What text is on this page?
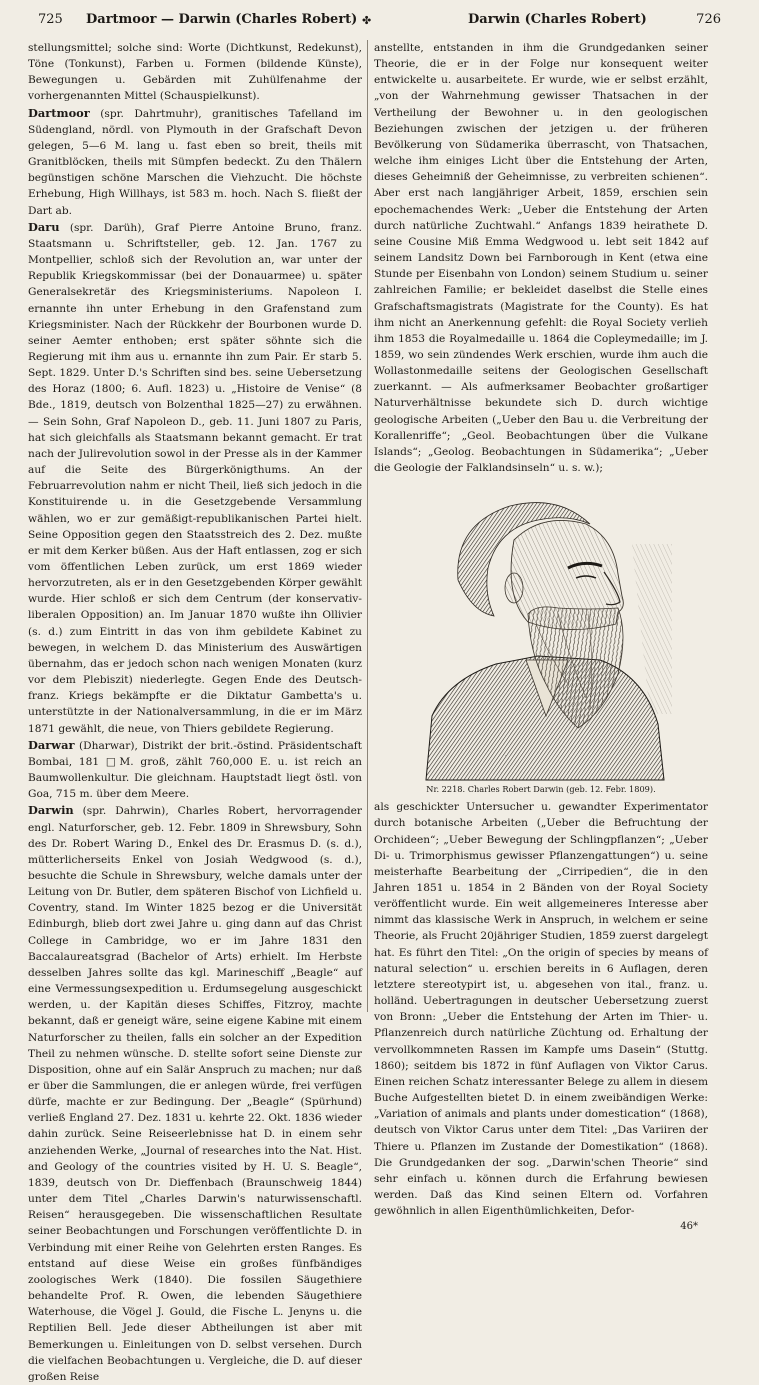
725 Dartmoor — Darwin (Charles Robert) ✤	Darwin (Charles Robert)	726

stellungsmittel; solche sind: Worte (Dichtkunst, Redekunst), Töne (Tonkunst), Farben u. Formen (bildende Künste), Bewegungen u. Gebärden mit Zuhülfenahme der vorhergenannten Mittel (Schauspielkunst).

Dartmoor (spr. Dahrtmuhr), granitisches Tafelland im Südengland, nördl. von Plymouth in der Grafschaft Devon gelegen, 5—6 M. lang u. fast eben so breit, theils mit Granitblöcken, theils mit Sümpfen bedeckt. Zu den Thälern begünstigen schöne Marschen die Viehzucht. Die höchste Erhebung, High Willhays, ist 583 m. hoch. Nach S. fließt der Dart ab.

Daru (spr. Darüh), Graf Pierre Antoine Bruno, franz. Staatsmann u. Schriftsteller, geb. 12. Jan. 1767 zu Montpellier, schloß sich der Revolution an, war unter der Republik Kriegskommissar (bei der Donauarmee) u. später Generalsekretär des Kriegsministeriums. Napoleon I. ernannte ihn unter Erhebung in den Grafenstand zum Kriegsminister. Nach der Rückkehr der Bourbonen wurde D. seiner Aemter enthoben; erst später söhnte sich die Regierung mit ihm aus u. ernannte ihn zum Pair. Er starb 5. Sept. 1829. Unter D.'s Schriften sind bes. seine Uebersetzung des Horaz (1800; 6. Aufl. 1823) u. „Histoire de Venise“ (8 Bde., 1819, deutsch von Bolzenthal 1825—27) zu erwähnen. — Sein Sohn, Graf Napoleon D., geb. 11. Juni 1807 zu Paris, hat sich gleichfalls als Staatsmann bekannt gemacht. Er trat nach der Julirevolution sowol in der Presse als in der Kammer auf die Seite des Bürgerkönigthums. An der Februarrevolution nahm er nicht Theil, ließ sich jedoch in die Konstituirende u. in die Gesetzgebende Versammlung wählen, wo er zur gemäßigt-republikanischen Partei hielt. Seine Opposition gegen den Staatsstreich des 2. Dez. mußte er mit dem Kerker büßen. Aus der Haft entlassen, zog er sich vom öffentlichen Leben zurück, um erst 1869 wieder hervorzutreten, als er in den Gesetzgebenden Körper gewählt wurde. Hier schloß er sich dem Centrum (der konservativ-liberalen Opposition) an. Im Januar 1870 wußte ihn Ollivier (s. d.) zum Eintritt in das von ihm gebildete Kabinet zu bewegen, in welchem D. das Ministerium des Auswärtigen übernahm, das er jedoch schon nach wenigen Monaten (kurz vor dem Plebiszit) niederlegte. Gegen Ende des Deutsch-franz. Kriegs bekämpfte er die Diktatur Gambetta's u. unterstützte in der Nationalversammlung, in die er im März 1871 gewählt, die neue, von Thiers gebildete Regierung.

Darwar (Dharwar), Distrikt der brit.-östind. Präsidentschaft Bombai, 181 □M. groß, zählt 760,000 E. u. ist reich an Baumwollenkultur. Die gleichnam. Hauptstadt liegt östl. von Goa, 715 m. über dem Meere.

Darwin (spr. Dahrwin), Charles Robert, hervorragender engl. Naturforscher, geb. 12. Febr. 1809 in Shrewsbury, Sohn des Dr. Robert Waring D., Enkel des Dr. Erasmus D. (s. d.), mütterlicherseits Enkel von Josiah Wedgwood (s. d.), besuchte die Schule in Shrewsbury, welche damals unter der Leitung von Dr. Butler, dem späteren Bischof von Lichfield u. Coventry, stand. Im Winter 1825 bezog er die Universität Edinburgh, blieb dort zwei Jahre u. ging dann auf das Christ College in Cambridge, wo er im Jahre 1831 den Baccalaureatsgrad (Bachelor of Arts) erhielt. Im Herbste desselben Jahres sollte das kgl. Marineschiff „Beagle“ auf eine Vermessungsexpedition u. Erdumsegelung ausgeschickt werden, u. der Kapitän dieses Schiffes, Fitzroy, machte bekannt, daß er geneigt wäre, seine eigene Kabine mit einem Naturforscher zu theilen, falls ein solcher an der Expedition Theil zu nehmen wünsche. D. stellte sofort seine Dienste zur Disposition, ohne auf ein Salär Anspruch zu machen; nur daß er über die Sammlungen, die er anlegen würde, frei verfügen dürfe, machte er zur Bedingung. Der „Beagle“ (Spürhund) verließ England 27. Dez. 1831 u. kehrte 22. Okt. 1836 wieder dahin zurück. Seine Reiseerlebnisse hat D. in einem sehr anziehenden Werke, „Journal of researches into the Nat. Hist. and Geology of the countries visited by H. U. S. Beagle“, 1839, deutsch von Dr. Dieffenbach (Braunschweig 1844) unter dem Titel „Charles Darwin's naturwissenschaftl. Reisen“ herausgegeben. Die wissenschaftlichen Resultate seiner Beobachtungen und Forschungen veröffentlichte D. in Verbindung mit einer Reihe von Gelehrten ersten Ranges. Es entstand auf diese Weise ein großes fünfbändiges zoologisches Werk (1840). Die fossilen Säugethiere behandelte Prof. R. Owen, die lebenden Säugethiere Waterhouse, die Vögel J. Gould, die Fische L. Jenyns u. die Reptilien Bell. Jede dieser Abtheilungen ist aber mit Bemerkungen u. Einleitungen von D. selbst versehen. Durch die vielfachen Beobachtungen u. Vergleiche, die D. auf dieser großen Reise

anstellte, entstanden in ihm die Grundgedanken seiner Theorie, die er in der Folge nur konsequent weiter entwickelte u. ausarbeitete. Er wurde, wie er selbst erzählt, „von der Wahrnehmung gewisser Thatsachen in der Vertheilung der Bewohner u. in den geologischen Beziehungen zwischen der jetzigen u. der früheren Bevölkerung von Südamerika überrascht, von Thatsachen, welche ihm einiges Licht über die Entstehung der Arten, dieses Geheimniß der Geheimnisse, zu verbreiten schienen“. Aber erst nach langjähriger Arbeit, 1859, erschien sein epochemachendes Werk: „Ueber die Entstehung der Arten durch natürliche Zuchtwahl.“ Anfangs 1839 heirathete D. seine Cousine Miß Emma Wedgwood u. lebt seit 1842 auf seinem Landsitz Down bei Farnborough in Kent (etwa eine Stunde per Eisenbahn von London) seinem Studium u. seiner zahlreichen Familie; er bekleidet daselbst die Stelle eines Grafschaftsmagistrats (Magistrate for the County). Es hat ihm nicht an Anerkennung gefehlt: die Royal Society verlieh ihm 1853 die Royalmedaille u. 1864 die Copleymedaille; im J. 1859, wo sein zündendes Werk erschien, wurde ihm auch die Wollastonmedaille seitens der Geologischen Gesellschaft zuerkannt. — Als aufmerksamer Beobachter großartiger Naturverhältnisse bekundete sich D. durch wichtige geologische Arbeiten („Ueber den Bau u. die Verbreitung der Korallenriffe“; „Geol. Beobachtungen über die Vulkane Islands“; „Geolog. Beobachtungen in Südamerika“; „Ueber die Geologie der Falklandsinseln“ u. s. w.);

Nr. 2218. Charles Robert Darwin (geb. 12. Febr. 1809).

als geschickter Untersucher u. gewandter Experimentator durch botanische Arbeiten („Ueber die Befruchtung der Orchideen“; „Ueber Bewegung der Schlingpflanzen“; „Ueber Di- u. Trimorphismus gewisser Pflanzengattungen“) u. seine meisterhafte Bearbeitung der „Cirripedien“, die in den Jahren 1851 u. 1854 in 2 Bänden von der Royal Society veröffentlicht wurde. Ein weit allgemeineres Interesse aber nimmt das klassische Werk in Anspruch, in welchem er seine Theorie, als Frucht 20jähriger Studien, 1859 zuerst dargelegt hat. Es führt den Titel: „On the origin of species by means of natural selection“ u. erschien bereits in 6 Auflagen, deren letztere stereotypirt ist, u. abgesehen von ital., franz. u. holländ. Uebertragungen in deutscher Uebersetzung zuerst von Bronn: „Ueber die Entstehung der Arten im Thier- u. Pflanzenreich durch natürliche Züchtung od. Erhaltung der vervollkommneten Rassen im Kampfe ums Dasein“ (Stuttg. 1860); seitdem bis 1872 in fünf Auflagen von Viktor Carus. Einen reichen Schatz interessanter Belege zu allem in diesem Buche Aufgestellten bietet D. in einem zweibändigen Werke: „Variation of animals and plants under domestication“ (1868), deutsch von Viktor Carus unter dem Titel: „Das Variiren der Thiere u. Pflanzen im Zustande der Domestikation“ (1868). Die Grundgedanken der sog. „Darwin'schen Theorie“ sind sehr einfach u. können durch die Erfahrung bewiesen werden. Daß das Kind seinen Eltern od. Vorfahren gewöhnlich in allen Eigenthümlichkeiten, Defor-

46*
